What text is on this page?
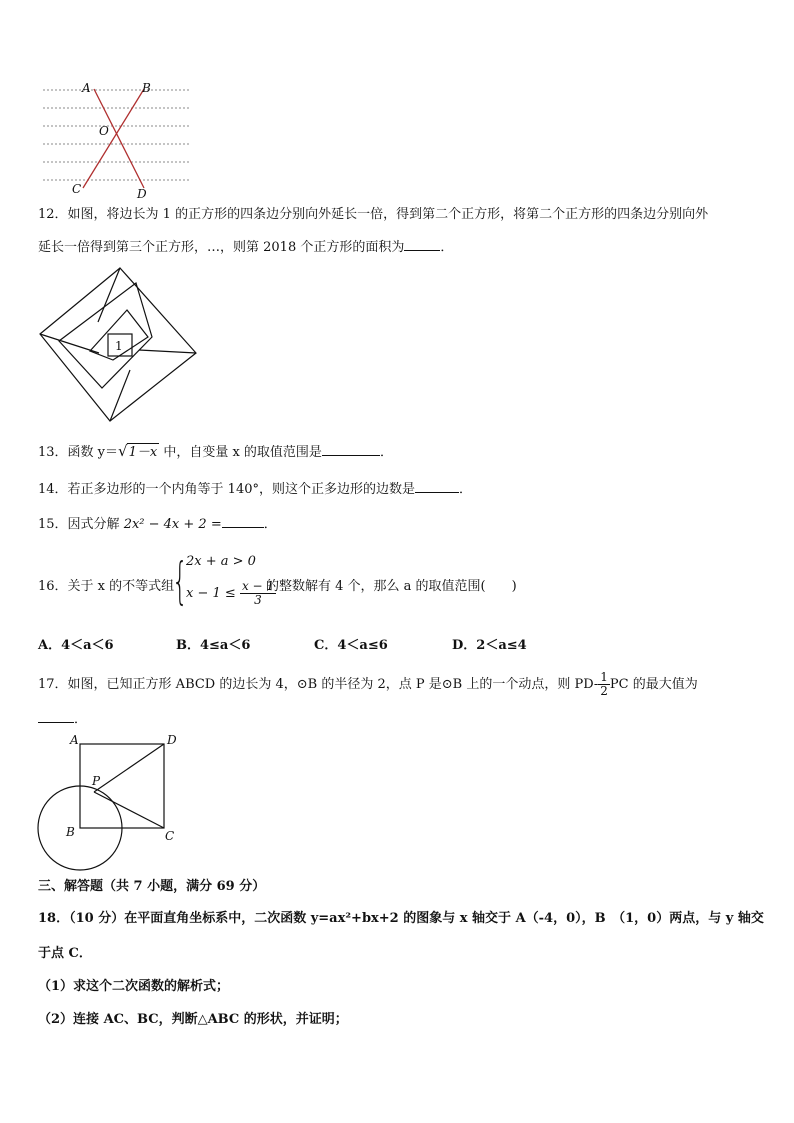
A	B
O
C	D
12．如图，将边长为 1 的正方形的四条边分别向外延长一倍，得到第二个正方形，将第二个正方形的四条边分别向外
延长一倍得到第三个正方形，…，则第 2018 个正方形的面积为	．
1
13．函数 y＝√1－x 中，自变量 x 的取值范围是	．
14．若正多边形的一个内角等于 140°，则这个正多边形的边数是	．
15．因式分解 2x² − 4x + 2 =	．
16．关于 x 的不等式组
{
2x + a > 0
$x - 1 \le \frac{x - 1}{3}$
的整数解有 4 个，那么 a 的取值范围(　　)
A．4＜a＜6	B．4≤a＜6	C．4＜a≤6	D．2＜a≤4
17．如图，已知正方形 ABCD 的边长为 4，⊙B 的半径为 2，点 P 是⊙B 上的一个动点，则 $PD- \frac{1}{2}$ PC 的最大值为
．
A	D
P
B	C
三、解答题（共 7 小题，满分 69 分）
18．（10 分）在平面直角坐标系中，二次函数 y=ax²+bx+2 的图象与 x 轴交于 A（-4，0），B　（1，0）两点，与 y 轴交
于点 C．
（1）求这个二次函数的解析式；
（2）连接 AC、BC，判断△ABC 的形状，并证明；
